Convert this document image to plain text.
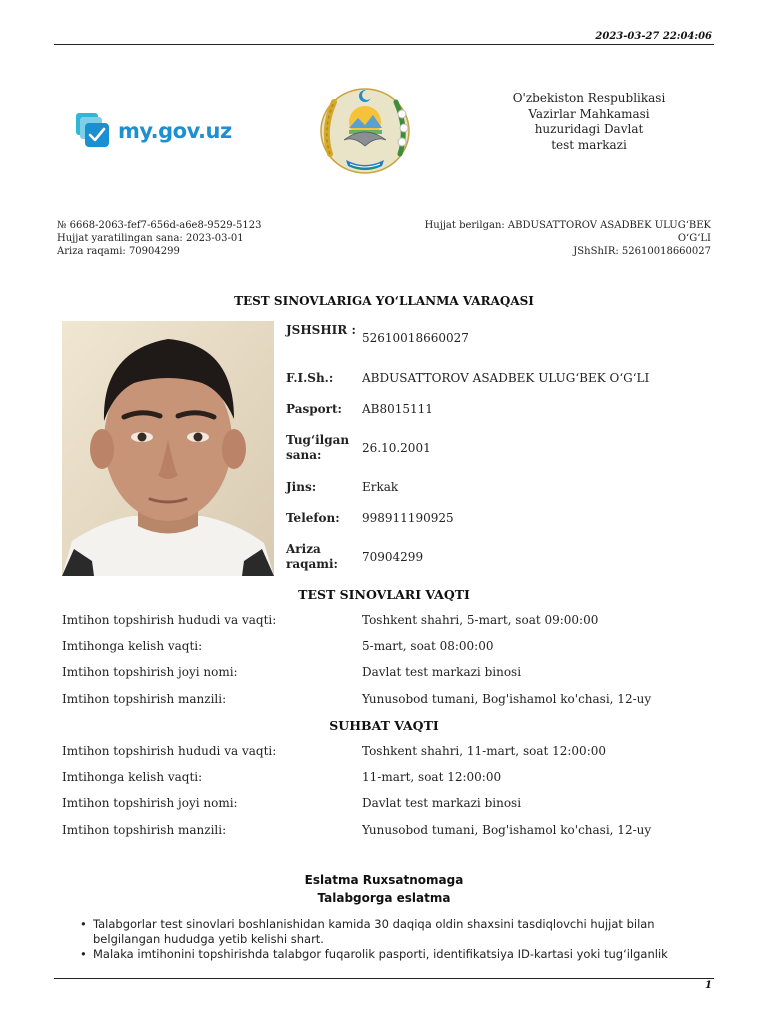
2023-03-27 22:04:06
my.gov.uz
O'zbekiston Respublikasi
Vazirlar Mahkamasi
huzuridagi Davlat
test markazi
№ 6668-2063-fef7-656d-a6e8-9529-5123
Hujjat yaratilingan sana: 2023-03-01
Ariza raqami: 70904299
Hujjat berilgan: ABDUSATTOROV ASADBEK ULUG‘BEK
O‘G‘LI
JShShIR: 52610018660027
TEST SINOVLARIGA YO‘LLANMA VARAQASI
JSHSHIR :
52610018660027
F.I.Sh.:	ABDUSATTOROV ASADBEK ULUG‘BEK O‘G‘LI
Pasport:	AB8015111
Tug‘ilgan sana:	26.10.2001
Jins:	Erkak
Telefon:	998911190925
Ariza raqami:	70904299
TEST SINOVLARI VAQTI
Imtihon topshirish hududi va vaqti:	Toshkent shahri, 5-mart, soat 09:00:00
Imtihonga kelish vaqti:	5-mart, soat 08:00:00
Imtihon topshirish joyi nomi:	Davlat test markazi binosi
Imtihon topshirish manzili:	Yunusobod tumani, Bog'ishamol ko'chasi, 12-uy
SUHBAT VAQTI
Imtihon topshirish hududi va vaqti:	Toshkent shahri, 11-mart, soat 12:00:00
Imtihonga kelish vaqti:	11-mart, soat 12:00:00
Imtihon topshirish joyi nomi:	Davlat test markazi binosi
Imtihon topshirish manzili:	Yunusobod tumani, Bog'ishamol ko'chasi, 12-uy
Eslatma Ruxsatnomaga
Talabgorga eslatma
• Talabgorlar test sinovlari boshlanishidan kamida 30 daqiqa oldin shaxsini tasdiqlovchi hujjat bilan belgilangan hududga yetib kelishi shart.
• Malaka imtihonini topshirishda talabgor fuqarolik pasporti, identifikatsiya ID-kartasi yoki tug‘ilganlik
1
